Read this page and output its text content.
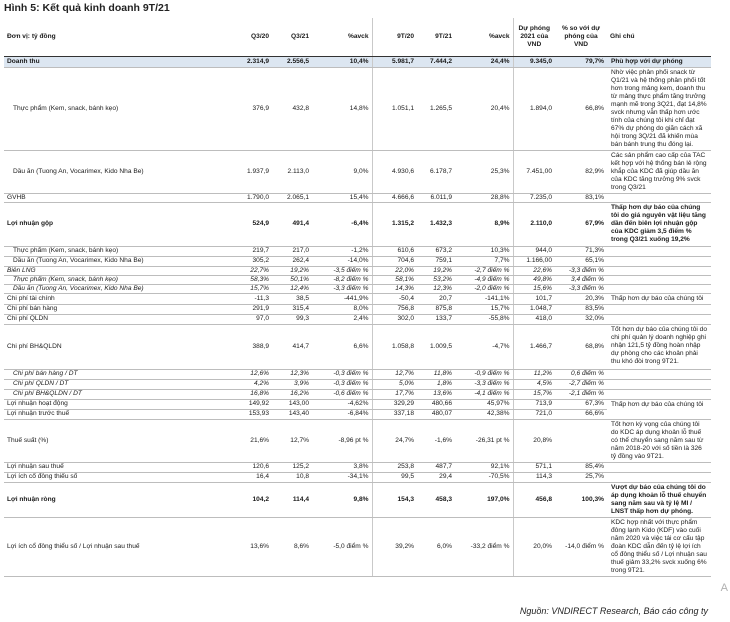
Hình 5: Kết quả kinh doanh 9T/21
Đơn vị: tỷ đồng	Q3/20	Q3/21	%avck	9T/20	9T/21	%avck	Dự phóng 2021 của VND	% so với dự phóng của VND	Ghi chú
Doanh thu	2.314,9	2.556,5	10,4%	5.981,7	7.444,2	24,4%	9.345,0	79,7%	Phù hợp với dự phóng
Thực phẩm (Kem, snack, bánh kẹo)	376,9	432,8	14,8%	1.051,1	1.265,5	20,4%	1.894,0	66,8%	Nhờ việc phân phối snack từ Q1/21 và hệ thống phân phối tốt hơn trong mảng kem, doanh thu từ mảng thực phẩm tăng trưởng mạnh mẽ trong 3Q21, đạt 14,8% svck nhưng vẫn thấp hơn ước tính của chúng tôi khi chỉ đạt 67% dự phóng do giãn cách xã hội trong 3Q/21 đã khiến mùa bán bánh trung thu đóng lại.
Dầu ăn (Tuong An, Vocarimex, Kido Nha Be)	1.937,9	2.113,0	9,0%	4.930,6	6.178,7	25,3%	7.451,00	82,9%	Các sản phẩm cao cấp của TAC kết hợp với hệ thống bán lẻ rộng khắp của KDC đã giúp dầu ăn của KDC tăng trưởng 9% svck trong Q3/21
GVHB	1.790,0	2.065,1	15,4%	4.666,6	6.011,9	28,8%	7.235,0	83,1%	
Lợi nhuận gộp	524,9	491,4	-6,4%	1.315,2	1.432,3	8,9%	2.110,0	67,9%	Thấp hơn dự báo của chúng tôi do giá nguyên vật liệu tăng dần đến biên lợi nhuận gộp của KDC giảm 3,5 điểm % trong Q3/21 xuống 19,2%
Thực phẩm (Kem, snack, bánh kẹo)	219,7	217,0	-1,2%	610,6	673,2	10,3%	944,0	71,3%	
Dầu ăn (Tuong An, Vocarimex, Kido Nha Be)	305,2	262,4	-14,0%	704,6	759,1	7,7%	1.166,00	65,1%	
Biên LNG	22,7%	19,2%	-3,5 điểm %	22,0%	19,2%	-2,7 điểm %	22,6%	-3,3 điểm %	
Thực phẩm (Kem, snack, bánh kẹo)	58,3%	50,1%	-8,2 điểm %	58,1%	53,2%	-4,9 điểm %	49,8%	3,4 điểm %	
Dầu ăn (Tuong An, Vocarimex, Kido Nha Be)	15,7%	12,4%	-3,3 điểm %	14,3%	12,3%	-2,0 điểm %	15,6%	-3,3 điểm %	
Chi phí tài chính	-11,3	38,5	-441,9%	-50,4	20,7	-141,1%	101,7	20,3%	Thấp hơn dự báo của chúng tôi
Chi phí bán hàng	291,9	315,4	8,0%	756,8	875,8	15,7%	1.048,7	83,5%	
Chi phí QLDN	97,0	99,3	2,4%	302,0	133,7	-55,8%	418,0	32,0%	
Chi phí BH&QLDN	388,9	414,7	6,6%	1.058,8	1.009,5	-4,7%	1.466,7	68,8%	Tốt hơn dự báo của chúng tôi do chi phí quản lý doanh nghiệp ghi nhận 121,5 tỷ đồng hoàn nhập dự phòng cho các khoản phải thu khó đòi trong 9T21.
Chi phí bán hàng / DT	12,6%	12,3%	-0,3 điểm %	12,7%	11,8%	-0,9 điểm %	11,2%	0,6 điểm %	
Chi phí QLDN / DT	4,2%	3,9%	-0,3 điểm %	5,0%	1,8%	-3,3 điểm %	4,5%	-2,7 điểm %	
Chi phí BH&QLDN / DT	16,8%	16,2%	-0,6 điểm %	17,7%	13,6%	-4,1 điểm %	15,7%	-2,1 điểm %	
Lợi nhuận hoạt động	149,92	143,00	-4,62%	329,29	480,66	45,97%	713,9	67,3%	Thấp hơn dự báo của chúng tôi
Lợi nhuận trước thuế	153,93	143,40	-6,84%	337,18	480,07	42,38%	721,0	66,6%	
Thuế suất (%)	21,6%	12,7%	-8,96 pt %	24,7%	-1,6%	-26,31 pt %	20,8%		Tốt hơn kỳ vọng của chúng tôi do KDC áp dụng khoản lỗ thuế có thể chuyển sang năm sau từ năm 2018-20 với số tiền là 326 tỷ đồng vào 9T21.
Lợi nhuận sau thuế	120,6	125,2	3,8%	253,8	487,7	92,1%	571,1	85,4%	
Lợi ích cổ đông thiểu số	16,4	10,8	-34,1%	99,5	29,4	-70,5%	114,3	25,7%	
Lợi nhuận ròng	104,2	114,4	9,8%	154,3	458,3	197,0%	456,8	100,3%	Vượt dự báo của chúng tôi do áp dụng khoản lỗ thuế chuyển sang năm sau và tỷ lệ MI / LNST thấp hơn dự phóng.
Lợi ích cổ đông thiểu số / Lợi nhuận sau thuế	13,6%	8,6%	-5,0 điểm %	39,2%	6,0%	-33,2 điểm %	20,0%	-14,0 điểm %	KDC hợp nhất với thực phẩm đông lạnh Kido (KDF) vào cuối năm 2020 và việc tái cơ cấu tập đoàn KDC dẫn đến tỷ lệ lợi ích cổ đông thiểu số / Lợi nhuận sau thuế giảm 33,2% svck xuống 6% trong 9T21.
Nguồn: VNDIRECT Research, Báo cáo công ty
A
